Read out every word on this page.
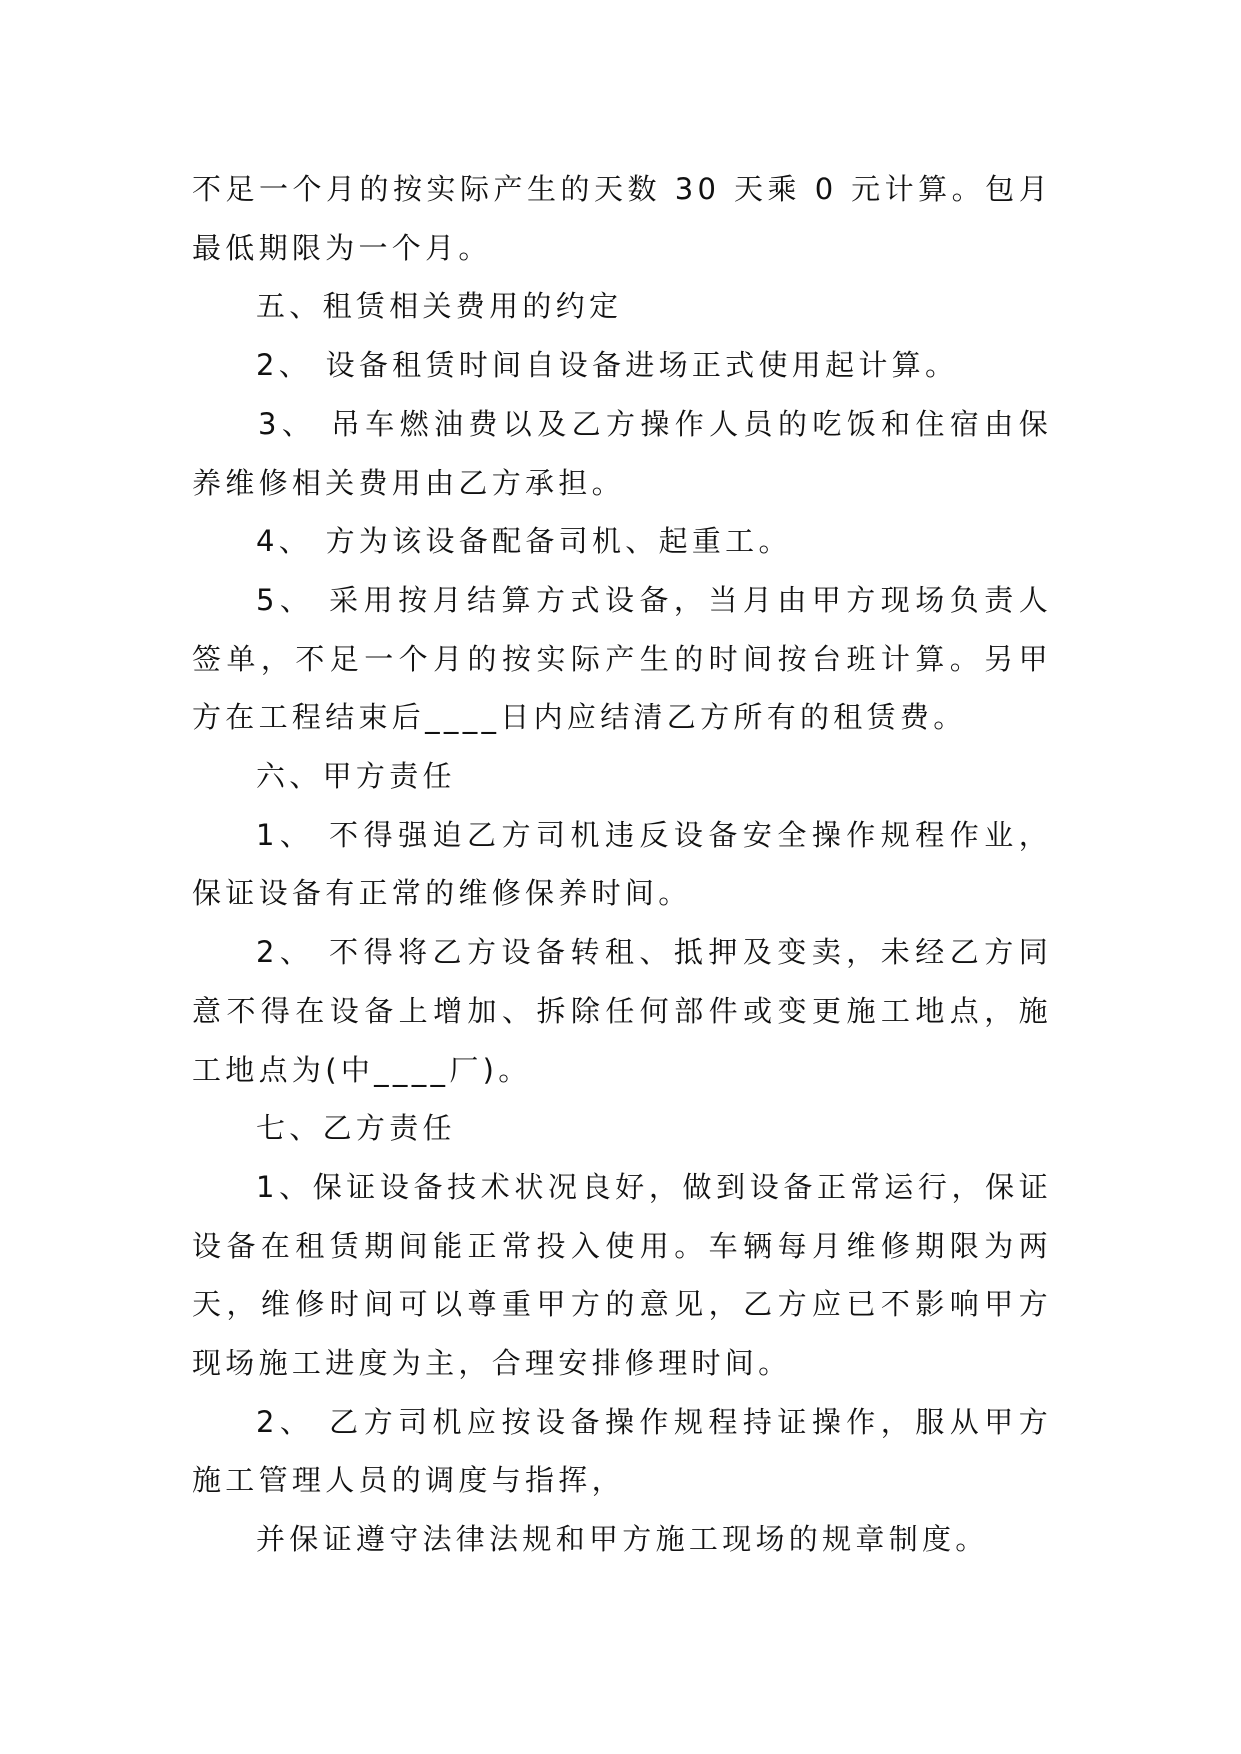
不足一个月的按实际产生的天数 30 天乘 0 元计算。包月最低期限为一个月。

五、租赁相关费用的约定

2、 设备租赁时间自设备进场正式使用起计算。

3、 吊车燃油费以及乙方操作人员的吃饭和住宿由保养维修相关费用由乙方承担。

4、 方为该设备配备司机、起重工。

5、 采用按月结算方式设备，当月由甲方现场负责人签单，不足一个月的按实际产生的时间按台班计算。另甲方在工程结束后____日内应结清乙方所有的租赁费。

六、甲方责任

1、 不得强迫乙方司机违反设备安全操作规程作业，保证设备有正常的维修保养时间。

2、 不得将乙方设备转租、抵押及变卖，未经乙方同意不得在设备上增加、拆除任何部件或变更施工地点，施工地点为(中____厂)。

七、乙方责任

1、保证设备技术状况良好，做到设备正常运行，保证设备在租赁期间能正常投入使用。车辆每月维修期限为两天，维修时间可以尊重甲方的意见，乙方应已不影响甲方现场施工进度为主，合理安排修理时间。

2、 乙方司机应按设备操作规程持证操作，服从甲方施工管理人员的调度与指挥，

并保证遵守法律法规和甲方施工现场的规章制度。
